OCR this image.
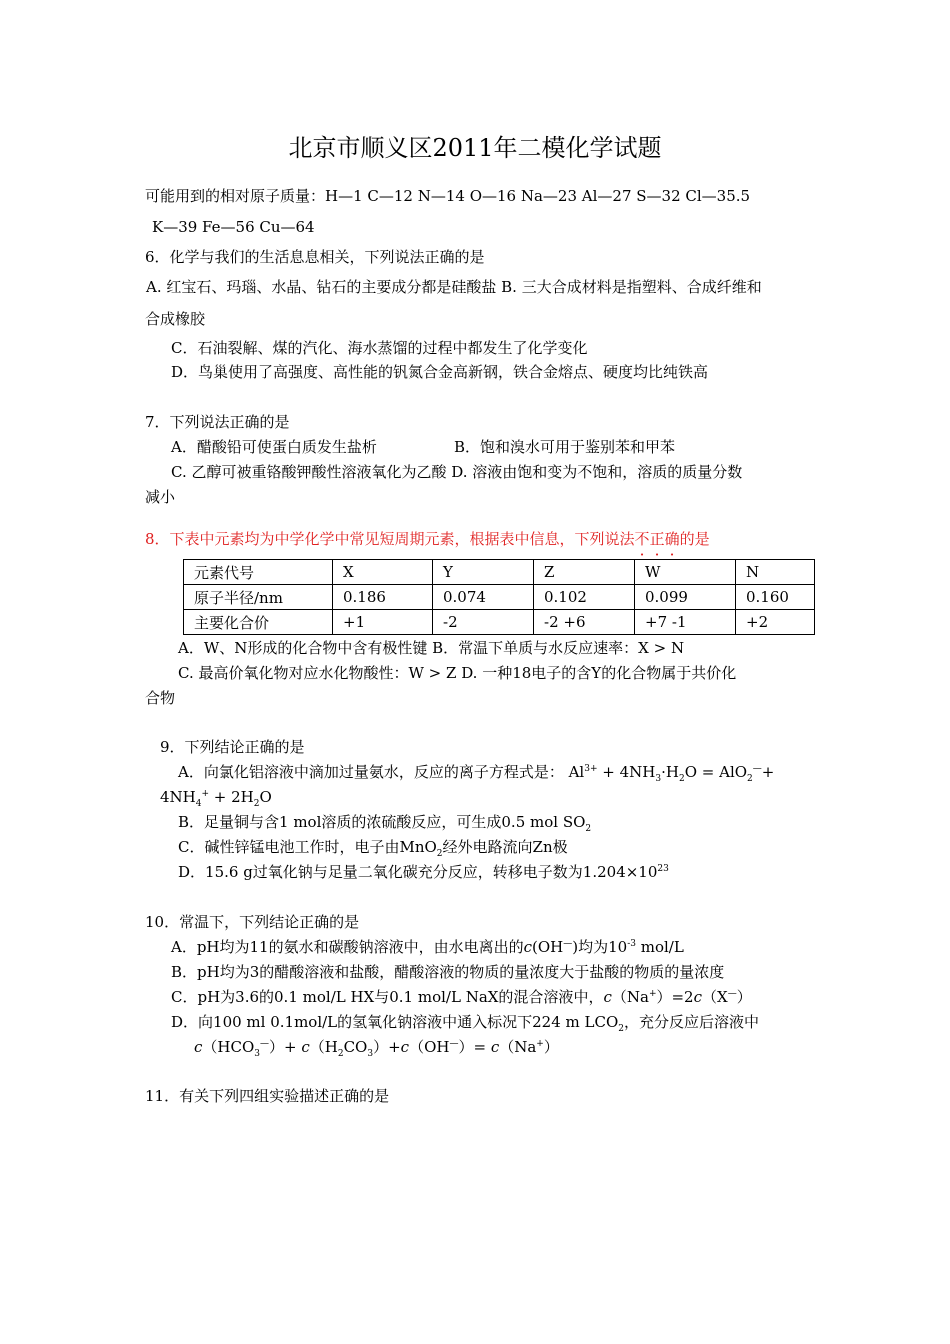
北京市顺义区2011年二模化学试题
可能用到的相对原子质量：H—1 C—12 N—14 O—16 Na—23 Al—27 S—32 Cl—35.5
K—39 Fe—56 Cu—64
6．化学与我们的生活息息相关，下列说法正确的是
A. 红宝石、玛瑙、水晶、钻石的主要成分都是硅酸盐 B. 三大合成材料是指塑料、合成纤维和
合成橡胶
C．石油裂解、煤的汽化、海水蒸馏的过程中都发生了化学变化
D．鸟巢使用了高强度、高性能的钒氮合金高新钢，铁合金熔点、硬度均比纯铁高
7．下列说法正确的是
A．醋酸铅可使蛋白质发生盐析	B．饱和溴水可用于鉴别苯和甲苯
C. 乙醇可被重铬酸钾酸性溶液氧化为乙酸 D. 溶液由饱和变为不饱和，溶质的质量分数
减小
8．下表中元素均为中学化学中常见短周期元素，根据表中信息，下列说法不正确的是
元素代号	X	Y	Z	W	N
原子半径/nm	0.186	0.074	0.102	0.099	0.160
主要化合价	+1	-2	-2 +6	+7 -1	+2
A．W、N形成的化合物中含有极性键 B．常温下单质与水反应速率：X > N
C. 最高价氧化物对应水化物酸性：W > Z D. 一种18电子的含Y的化合物属于共价化
合物
9．下列结论正确的是
A．向氯化铝溶液中滴加过量氨水，反应的离子方程式是： $Al^{3+} + 4NH_3\cdot H_2O = AlO_2^—+$
$4NH_4^+ + 2H_2O$
B．足量铜与含1 mol溶质的浓硫酸反应，可生成0.5 mol $SO_2$
C．碱性锌锰电池工作时，电子由MnO$_2$经外电路流向Zn极
D．15.6 g过氧化钠与足量二氧化碳充分反应，转移电子数为$1.204\times 10^{23}$
10．常温下，下列结论正确的是
A．pH均为11的氨水和碳酸钠溶液中，由水电离出的c(OH—)均为$10^{-3}$ mol/L
B．pH均为3的醋酸溶液和盐酸，醋酸溶液的物质的量浓度大于盐酸的物质的量浓度
C．pH为3.6的0.1 mol/L HX与0.1 mol/L NaX的混合溶液中，c（Na+）=2c（X—）
D．向100 ml 0.1mol/L的氢氧化钠溶液中通入标况下224 m $LCO_2$，充分反应后溶液中
$c(HCO_3^—)+ c(H_2CO_3)+c(OH^—)= c(Na^+)$
11．有关下列四组实验描述正确的是
